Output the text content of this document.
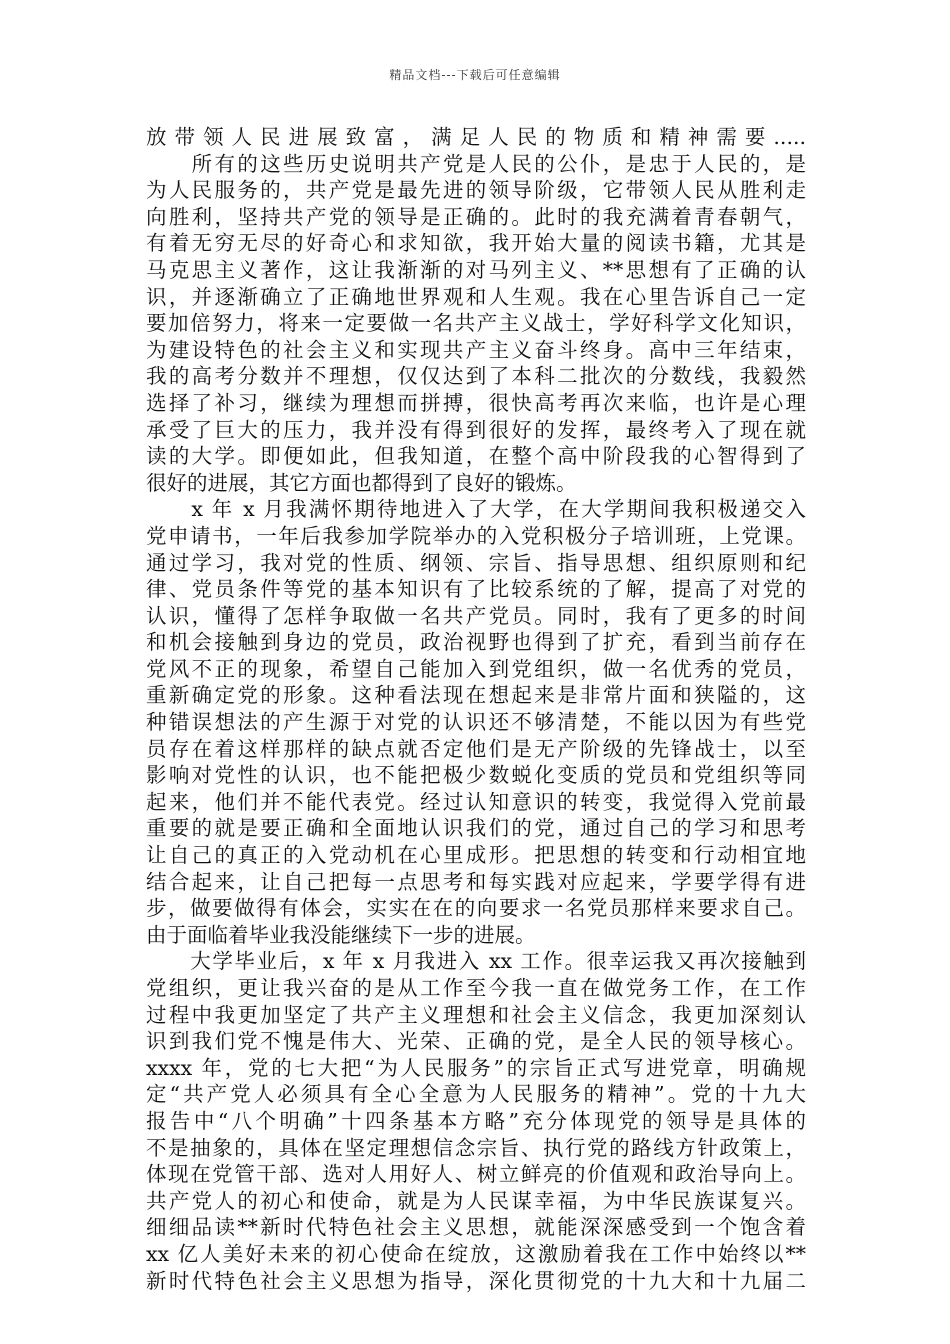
精品文档---下载后可任意编辑
放带领人民进展致富，满足人民的物质和精神需要.....
　　所有的这些历史说明共产党是人民的公仆，是忠于人民的，是
为人民服务的，共产党是最先进的领导阶级，它带领人民从胜利走
向胜利，坚持共产党的领导是正确的。此时的我充满着青春朝气，
有着无穷无尽的好奇心和求知欲，我开始大量的阅读书籍，尤其是
马克思主义著作，这让我渐渐的对马列主义、**思想有了正确的认
识，并逐渐确立了正确地世界观和人生观。我在心里告诉自己一定
要加倍努力，将来一定要做一名共产主义战士，学好科学文化知识，
为建设特色的社会主义和实现共产主义奋斗终身。高中三年结束，
我的高考分数并不理想，仅仅达到了本科二批次的分数线，我毅然
选择了补习，继续为理想而拼搏，很快高考再次来临，也许是心理
承受了巨大的压力，我并没有得到很好的发挥，最终考入了现在就
读的大学。即便如此，但我知道，在整个高中阶段我的心智得到了
很好的进展，其它方面也都得到了良好的锻炼。
　　x 年 x 月我满怀期待地进入了大学，在大学期间我积极递交入
党申请书，一年后我参加学院举办的入党积极分子培训班，上党课。
通过学习，我对党的性质、纲领、宗旨、指导思想、组织原则和纪
律、党员条件等党的基本知识有了比较系统的了解，提高了对党的
认识，懂得了怎样争取做一名共产党员。同时，我有了更多的时间
和机会接触到身边的党员，政治视野也得到了扩充，看到当前存在
党风不正的现象，希望自己能加入到党组织，做一名优秀的党员，
重新确定党的形象。这种看法现在想起来是非常片面和狭隘的，这
种错误想法的产生源于对党的认识还不够清楚，不能以因为有些党
员存在着这样那样的缺点就否定他们是无产阶级的先锋战士，以至
影响对党性的认识，也不能把极少数蜕化变质的党员和党组织等同
起来，他们并不能代表党。经过认知意识的转变，我觉得入党前最
重要的就是要正确和全面地认识我们的党，通过自己的学习和思考
让自己的真正的入党动机在心里成形。把思想的转变和行动相宜地
结合起来，让自己把每一点思考和每实践对应起来，学要学得有进
步，做要做得有体会，实实在在的向要求一名党员那样来要求自己。
由于面临着毕业我没能继续下一步的进展。
　　大学毕业后，x 年 x 月我进入 xx 工作。很幸运我又再次接触到
党组织，更让我兴奋的是从工作至今我一直在做党务工作，在工作
过程中我更加坚定了共产主义理想和社会主义信念，我更加深刻认
识到我们党不愧是伟大、光荣、正确的党，是全人民的领导核心。
xxxx 年，党的七大把“为人民服务”的宗旨正式写进党章，明确规
定“共产党人必须具有全心全意为人民服务的精神”。党的十九大
报告中“八个明确”十四条基本方略”充分体现党的领导是具体的
不是抽象的，具体在坚定理想信念宗旨、执行党的路线方针政策上，
体现在党管干部、选对人用好人、树立鲜亮的价值观和政治导向上。
共产党人的初心和使命，就是为人民谋幸福，为中华民族谋复兴。
细细品读**新时代特色社会主义思想，就能深深感受到一个饱含着
xx 亿人美好未来的初心使命在绽放，这激励着我在工作中始终以**
新时代特色社会主义思想为指导，深化贯彻党的十九大和十九届二
